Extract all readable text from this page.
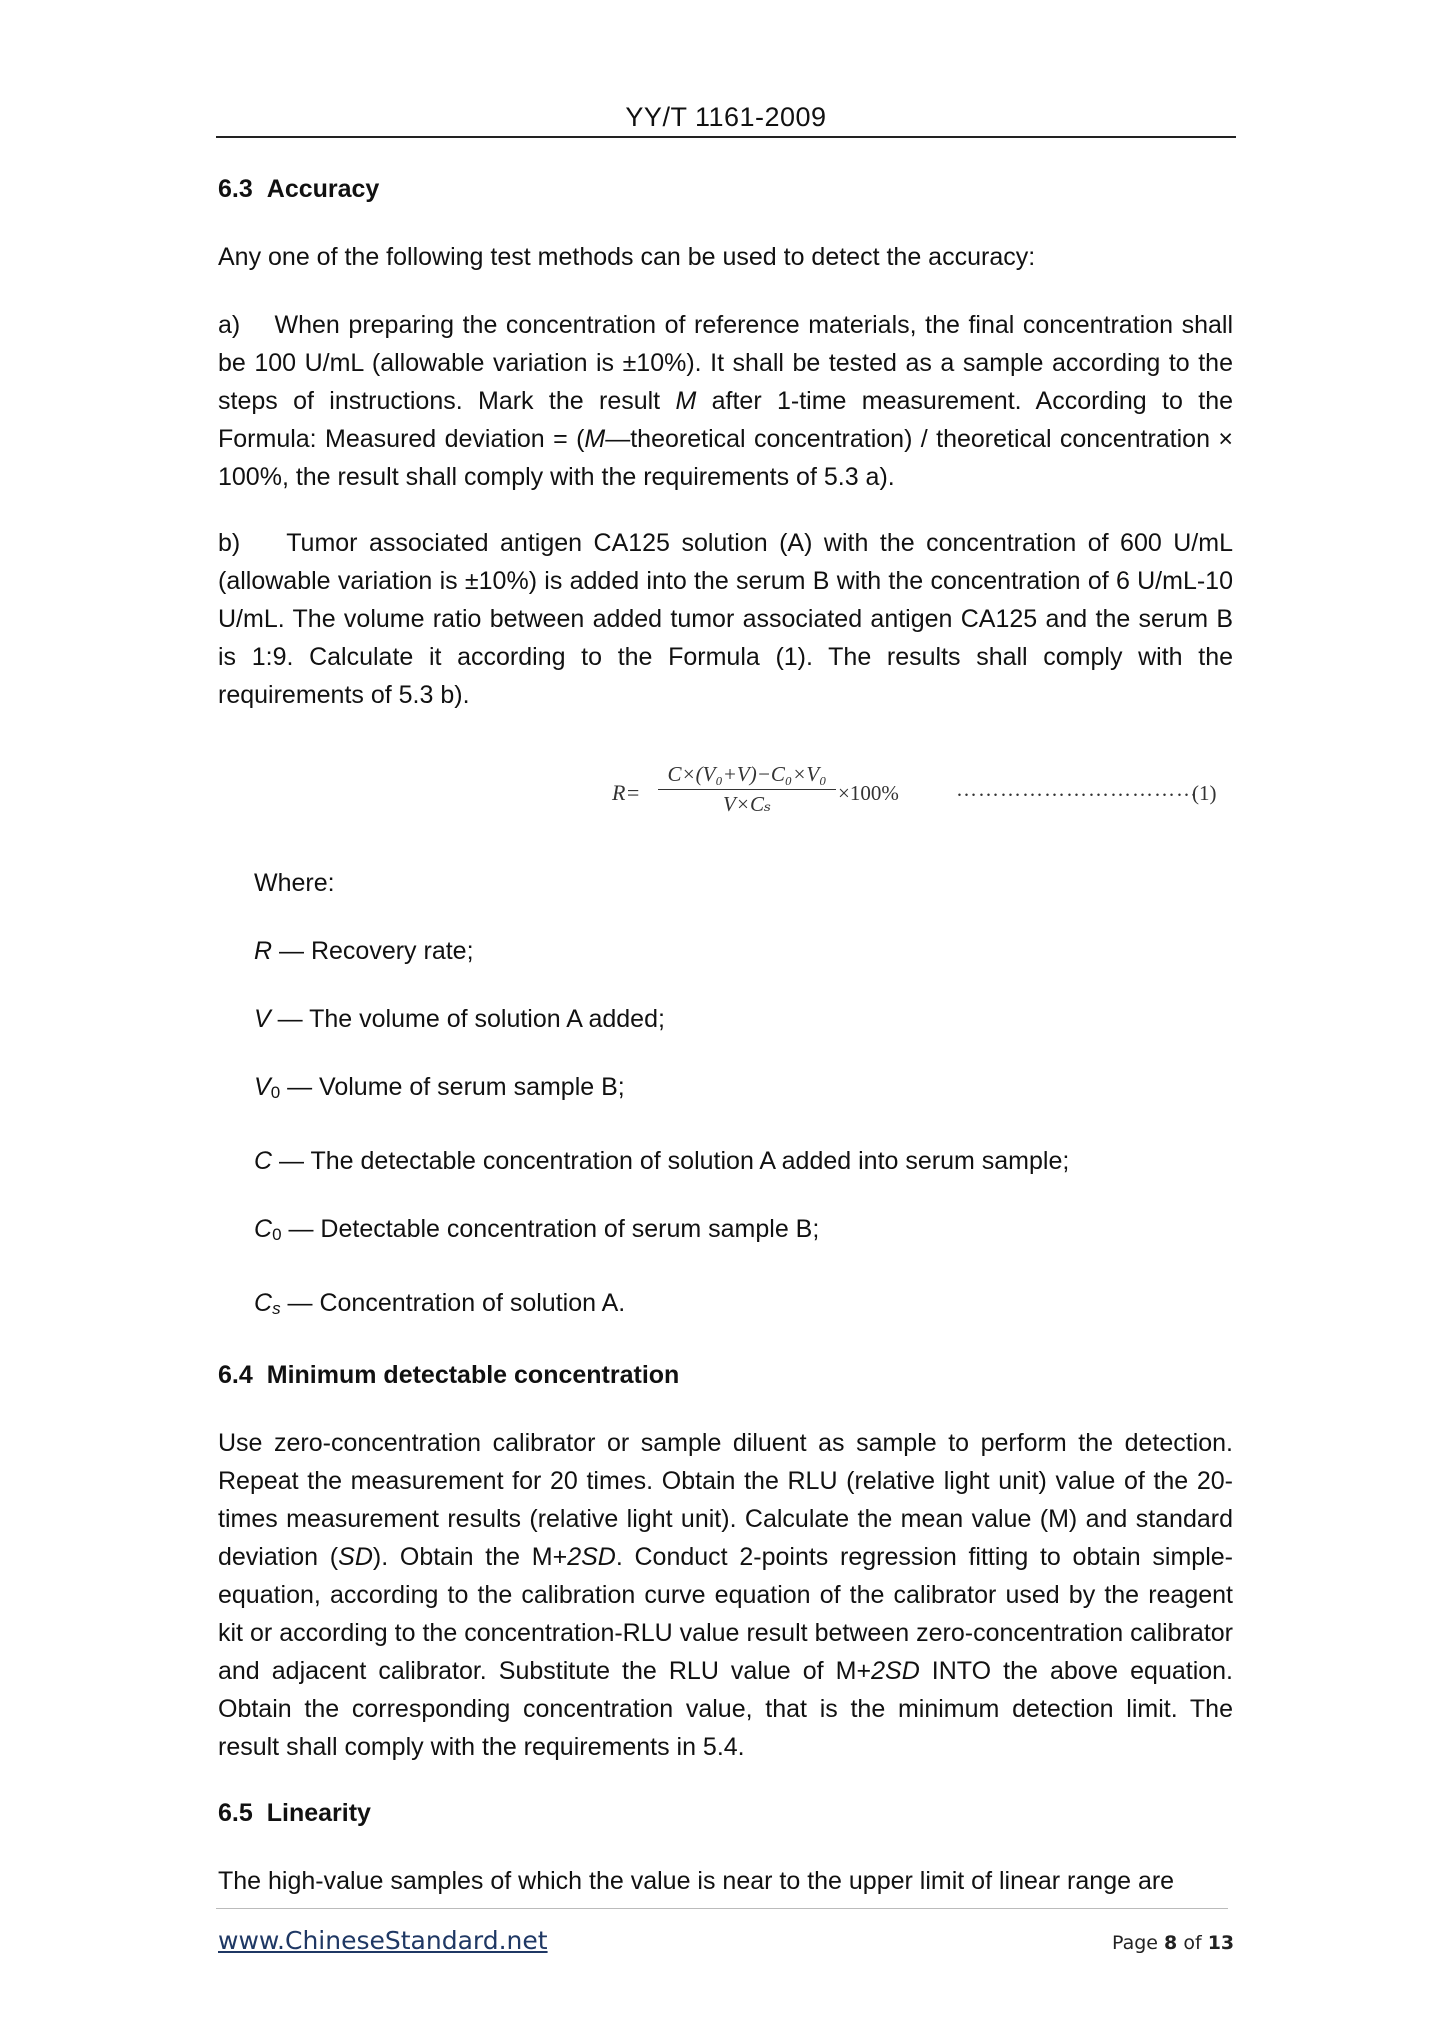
YY/T 1161-2009

6.3 Accuracy

Any one of the following test methods can be used to detect the accuracy:

a) When preparing the concentration of reference materials, the final concentration shall be 100 U/mL (allowable variation is ±10%). It shall be tested as a sample according to the steps of instructions. Mark the result M after 1-time measurement. According to the Formula: Measured deviation = (M—theoretical concentration) / theoretical concentration × 100%, the result shall comply with the requirements of 5.3 a).

b) Tumor associated antigen CA125 solution (A) with the concentration of 600 U/mL (allowable variation is ±10%) is added into the serum B with the concentration of 6 U/mL-10 U/mL. The volume ratio between added tumor associated antigen CA125 and the serum B is 1:9. Calculate it according to the Formula (1). The results shall comply with the requirements of 5.3 b).

R=
C×(V₀+V)−C₀×V₀
V×Cₛ	×100%	……………………………
(1)

Where:

R — Recovery rate;

V — The volume of solution A added;

V0 — Volume of serum sample B;

C — The detectable concentration of solution A added into serum sample;

C0 — Detectable concentration of serum sample B;

Cs — Concentration of solution A.

6.4 Minimum detectable concentration

Use zero-concentration calibrator or sample diluent as sample to perform the detection. Repeat the measurement for 20 times. Obtain the RLU (relative light unit) value of the 20-times measurement results (relative light unit). Calculate the mean value (M) and standard deviation (SD). Obtain the M+2SD. Conduct 2-points regression fitting to obtain simple-equation, according to the calibration curve equation of the calibrator used by the reagent kit or according to the concentration-RLU value result between zero-concentration calibrator and adjacent calibrator. Substitute the RLU value of M+2SD INTO the above equation. Obtain the corresponding concentration value, that is the minimum detection limit. The result shall comply with the requirements in 5.4.

6.5 Linearity

The high-value samples of which the value is near to the upper limit of linear range are

www.ChineseStandard.net	Page 8 of 13
